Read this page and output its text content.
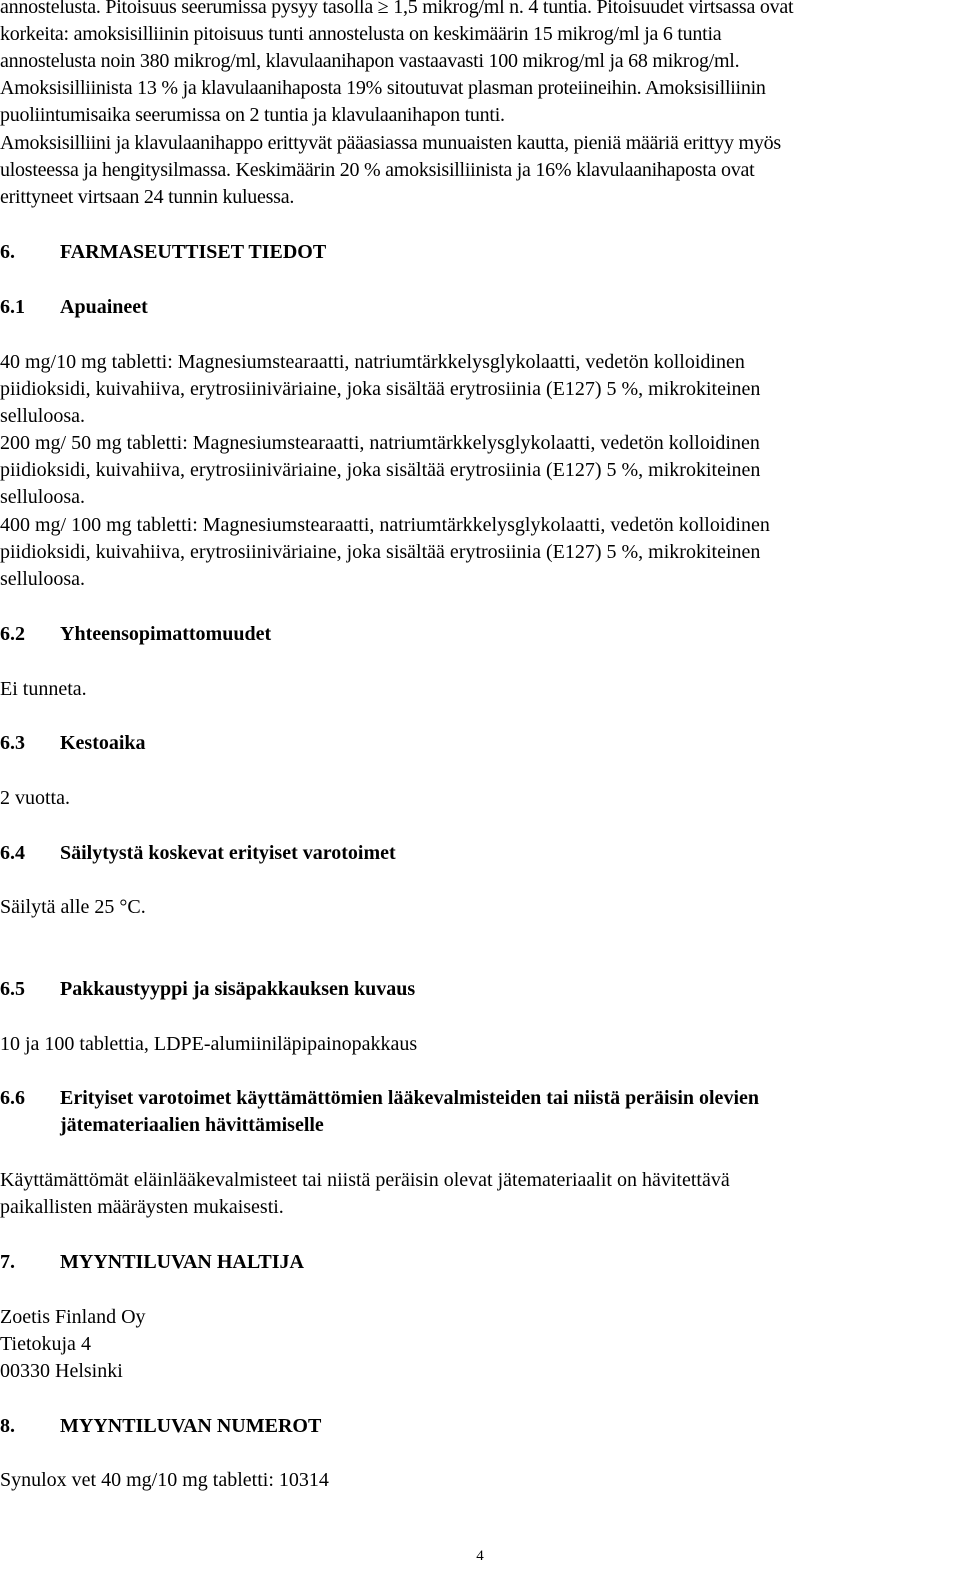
annostelusta. Pitoisuus seerumissa pysyy tasolla ≥ 1,5 mikrog/ml n. 4 tuntia. Pitoisuudet virtsassa ovat
korkeita: amoksisilliinin pitoisuus tunti annostelusta on keskimäärin 15 mikrog/ml ja 6 tuntia
annostelusta noin 380 mikrog/ml, klavulaanihapon vastaavasti 100 mikrog/ml ja 68 mikrog/ml.
Amoksisilliinista 13 % ja klavulaanihaposta 19% sitoutuvat plasman proteiineihin. Amoksisilliinin
puoliintumisaika seerumissa on 2 tuntia ja klavulaanihapon tunti.
Amoksisilliini ja klavulaanihappo erittyvät pääasiassa munuaisten kautta, pieniä määriä erittyy myös
ulosteessa ja hengitysilmassa. Keskimäärin 20 % amoksisilliinista ja 16% klavulaanihaposta ovat
erittyneet virtsaan 24 tunnin kuluessa.
6. FARMASEUTTISET TIEDOT
6.1 Apuaineet
40 mg/10 mg tabletti: Magnesiumstearaatti, natriumtärkkelysglykolaatti, vedetön kolloidinen
piidioksidi, kuivahiiva, erytrosiiniväriaine, joka sisältää erytrosiinia (E127) 5 %, mikrokiteinen
selluloosa.
200 mg/ 50 mg tabletti: Magnesiumstearaatti, natriumtärkkelysglykolaatti, vedetön kolloidinen
piidioksidi, kuivahiiva, erytrosiiniväriaine, joka sisältää erytrosiinia (E127) 5 %, mikrokiteinen
selluloosa.
400 mg/ 100 mg tabletti: Magnesiumstearaatti, natriumtärkkelysglykolaatti, vedetön kolloidinen
piidioksidi, kuivahiiva, erytrosiiniväriaine, joka sisältää erytrosiinia (E127) 5 %, mikrokiteinen
selluloosa.
6.2 Yhteensopimattomuudet
Ei tunneta.
6.3 Kestoaika
2 vuotta.
6.4 Säilytystä koskevat erityiset varotoimet
Säilytä alle 25 °C.
6.5 Pakkaustyyppi ja sisäpakkauksen kuvaus
10 ja 100 tablettia, LDPE-alumiiniläpipainopakkaus
6.6 Erityiset varotoimet käyttämättömien lääkevalmisteiden tai niistä peräisin olevien
jätemateriaalien hävittämiselle
Käyttämättömät eläinlääkevalmisteet tai niistä peräisin olevat jätemateriaalit on hävitettävä
paikallisten määräysten mukaisesti.
7. MYYNTILUVAN HALTIJA
Zoetis Finland Oy
Tietokuja 4
00330 Helsinki
8. MYYNTILUVAN NUMEROT
Synulox vet 40 mg/10 mg tabletti: 10314
4
